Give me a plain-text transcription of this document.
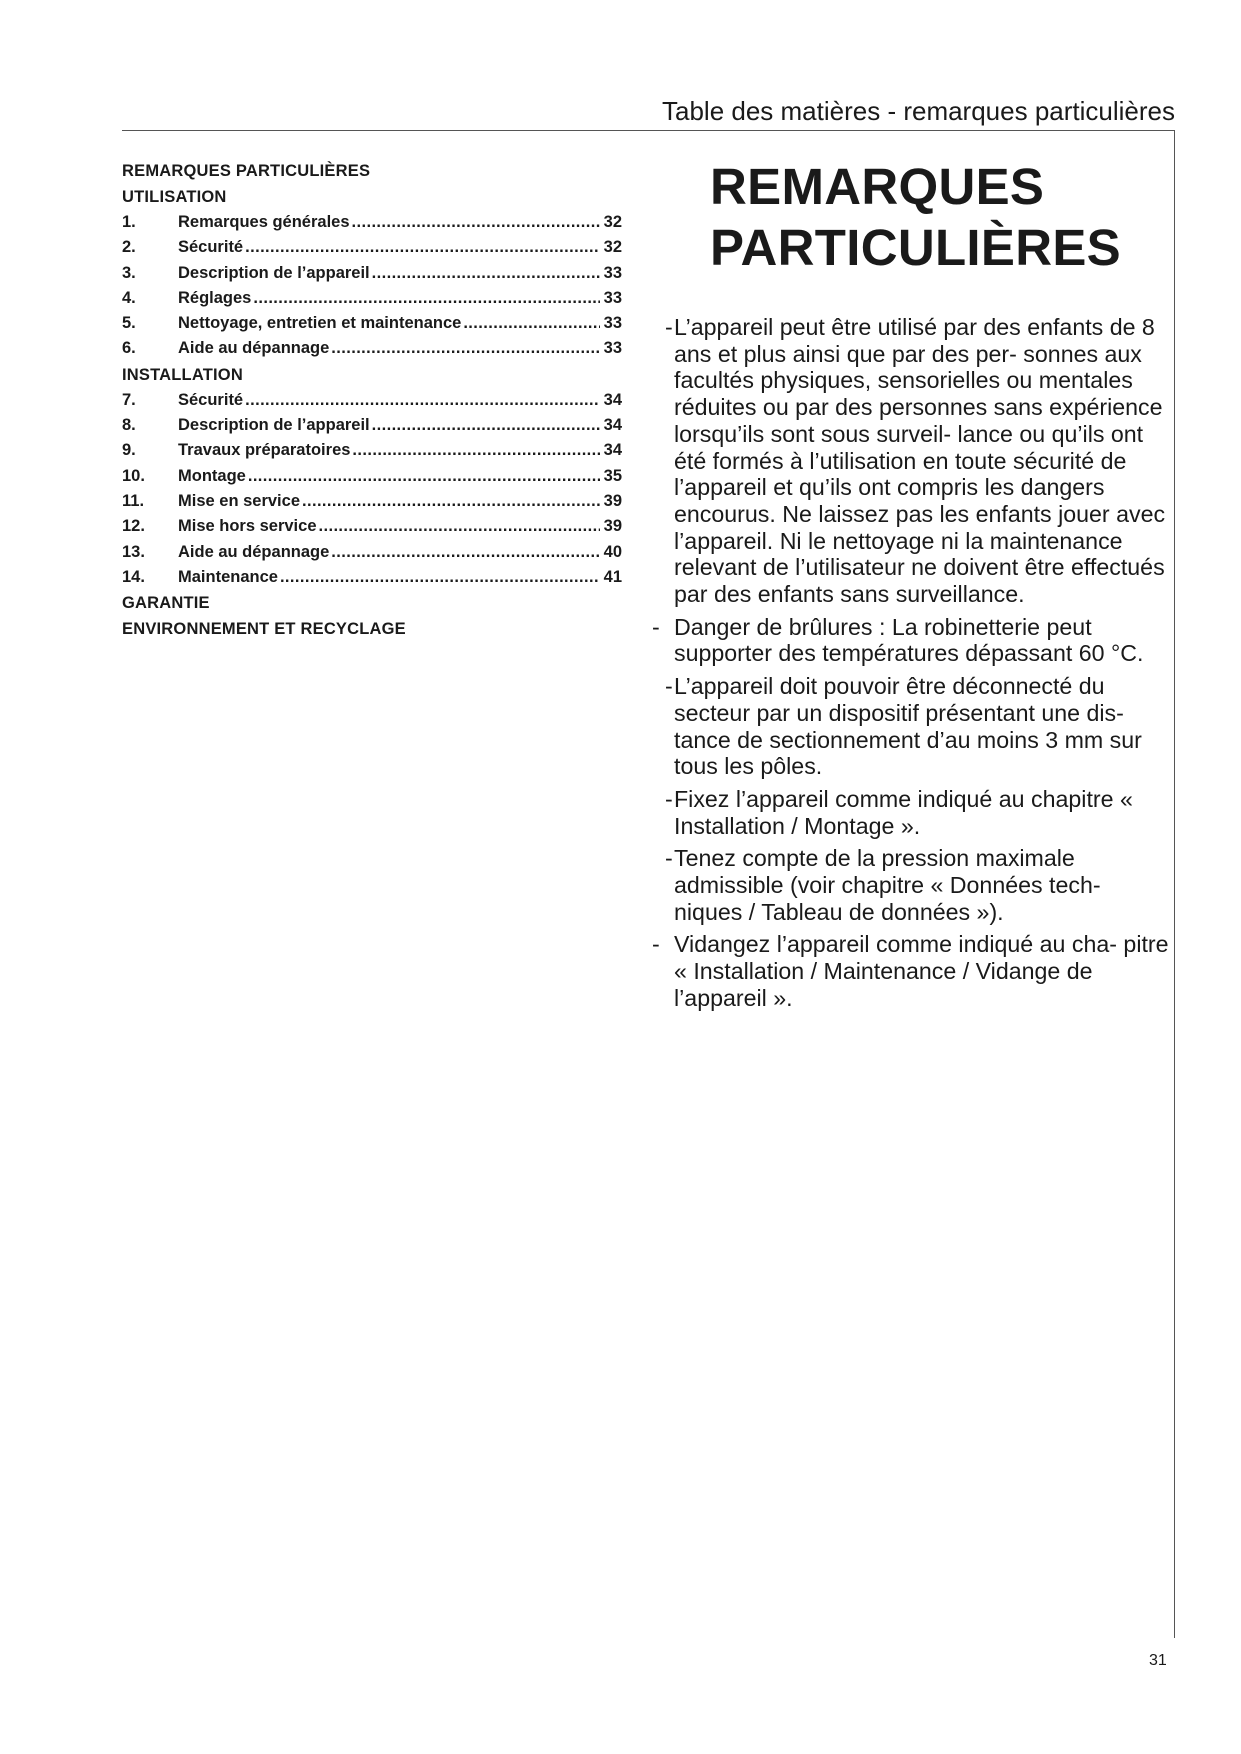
Table des matières - remarques particulières
REMARQUES PARTICULIÈRES
UTILISATION
1.	Remarques générales .....	32
2.	Sécurité .....	32
3.	Description de l’appareil .....	33
4.	Réglages .....	33
5.	Nettoyage, entretien et maintenance .....	33
6.	Aide au dépannage .....	33
INSTALLATION
7.	Sécurité .....	34
8.	Description de l’appareil .....	34
9.	Travaux préparatoires .....	34
10.	Montage .....	35
11.	Mise en service .....	39
12.	Mise hors service .....	39
13.	Aide au dépannage .....	40
14.	Maintenance .....	41
GARANTIE
ENVIRONNEMENT ET RECYCLAGE
REMARQUES
PARTICULIÈRES
- L’appareil peut être utilisé par des enfants de 8 ans et plus ainsi que par des per- sonnes aux facultés physiques, sensorielles ou mentales réduites ou par des personnes sans expérience lorsqu’ils sont sous surveil- lance ou qu’ils ont été formés à l’utilisation en toute sécurité de l’appareil et qu’ils ont compris les dangers encourus. Ne laissez pas les enfants jouer avec l’appareil. Ni le nettoyage ni la maintenance relevant de l’utilisateur ne doivent être effectués par des enfants sans surveillance.
- Danger de brûlures : La robinetterie peut supporter des températures dépassant 60 °C.
- L’appareil doit pouvoir être déconnecté du secteur par un dispositif présentant une dis- tance de sectionnement d’au moins 3 mm sur tous les pôles.
- Fixez l’appareil comme indiqué au chapitre « Installation / Montage ».
- Tenez compte de la pression maximale admissible (voir chapitre « Données tech- niques / Tableau de données »).
- Vidangez l’appareil comme indiqué au cha- pitre « Installation / Maintenance / Vidange de l’appareil ».
31
